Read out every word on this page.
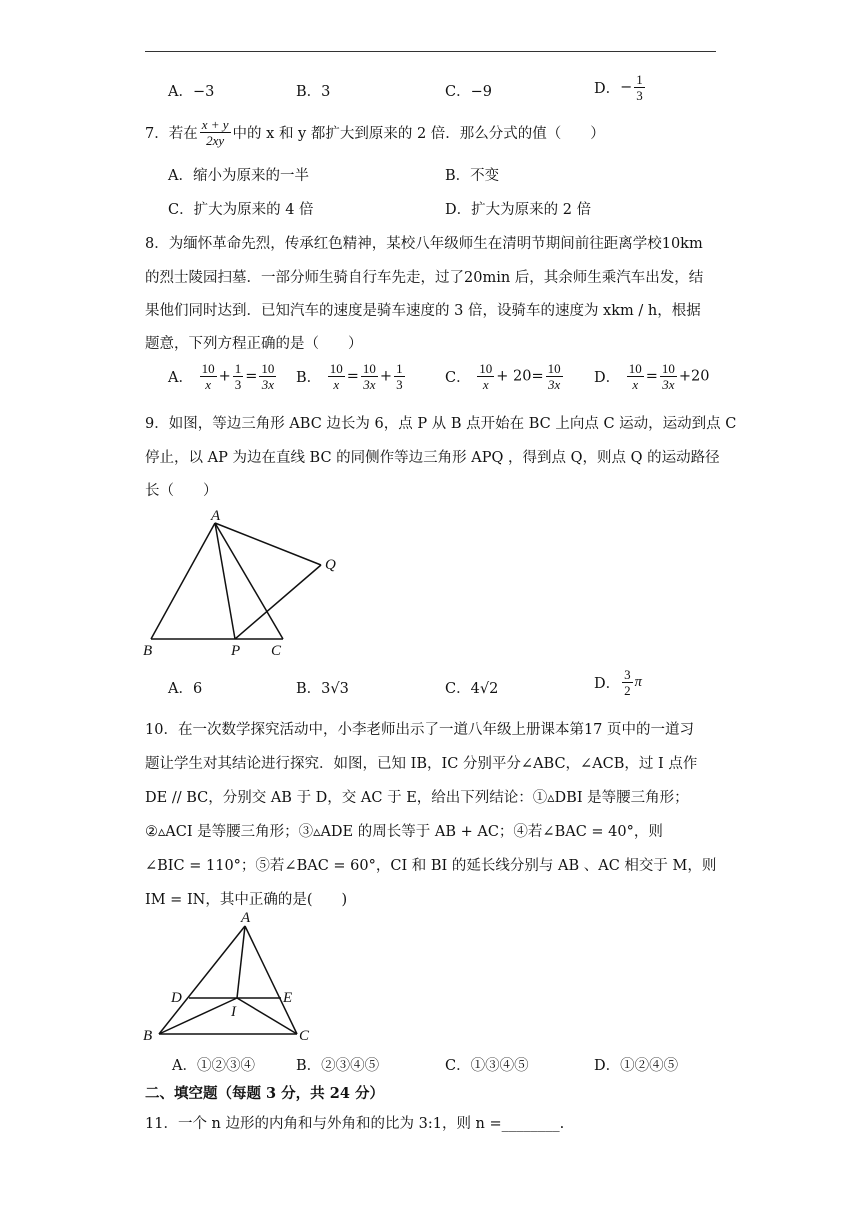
A．−3	B．3	C．−9	D．− $\frac{1}{3}$
7．若在 $\frac{x + y}{2xy}$ 中的 x 和 y 都扩大到原来的 2 倍．那么分式的值（　　）
A．缩小为原来的一半	B．不变
C．扩大为原来的 4 倍	D．扩大为原来的 2 倍
8．为缅怀革命先烈，传承红色精神，某校八年级师生在清明节期间前往距离学校10km
的烈士陵园扫墓．一部分师生骑自行车先走，过了20min 后，其余师生乘汽车出发，结
果他们同时达到．已知汽车的速度是骑车速度的 3 倍，设骑车的速度为 xkm / h，根据
题意，下列方程正确的是（　　）
A． $\frac{10}{x} + \frac{1}{3} = \frac{10}{3x}$ B． $\frac{10}{x} = \frac{10}{3x} + \frac{1}{3}$	C． $\frac{10}{x} + 20= \frac{10}{3x}$ D． $\frac{10}{x} = \frac{10}{3x} +20$
9．如图，等边三角形 ABC 边长为 6，点 P 从 B 点开始在 BC 上向点 C 运动，运动到点 C
停止，以 AP 为边在直线 BC 的同侧作等边三角形 APQ ，得到点 Q，则点 Q 的运动路径
长（　　）
A
Q
B	P C
A．6	B．3√3	C．4√2	D． $\frac{3}{2}$ π
10．在一次数学探究活动中，小李老师出示了一道八年级上册课本第17 页中的一道习
题让学生对其结论进行探究．如图，已知 IB，IC 分别平分∠ABC，∠ACB，过 I 点作
DE // BC，分别交 AB 于 D，交 AC 于 E，给出下列结论：①▵DBI 是等腰三角形；
②▵ACI 是等腰三角形；③▵ADE 的周长等于 AB + AC；④若∠BAC = 40°，则
∠BIC = 110°；⑤若∠BAC = 60°，CI 和 BI 的延长线分别与 AB 、AC 相交于 M，则
IM = IN，其中正确的是(　　)
A
D	E
I
B	C
A．①②③④	B．②③④⑤	C．①③④⑤	D．①②④⑤
二、填空题（每题 3 分，共 24 分）
11．一个 n 边形的内角和与外角和的比为 3:1，则 n =________.
